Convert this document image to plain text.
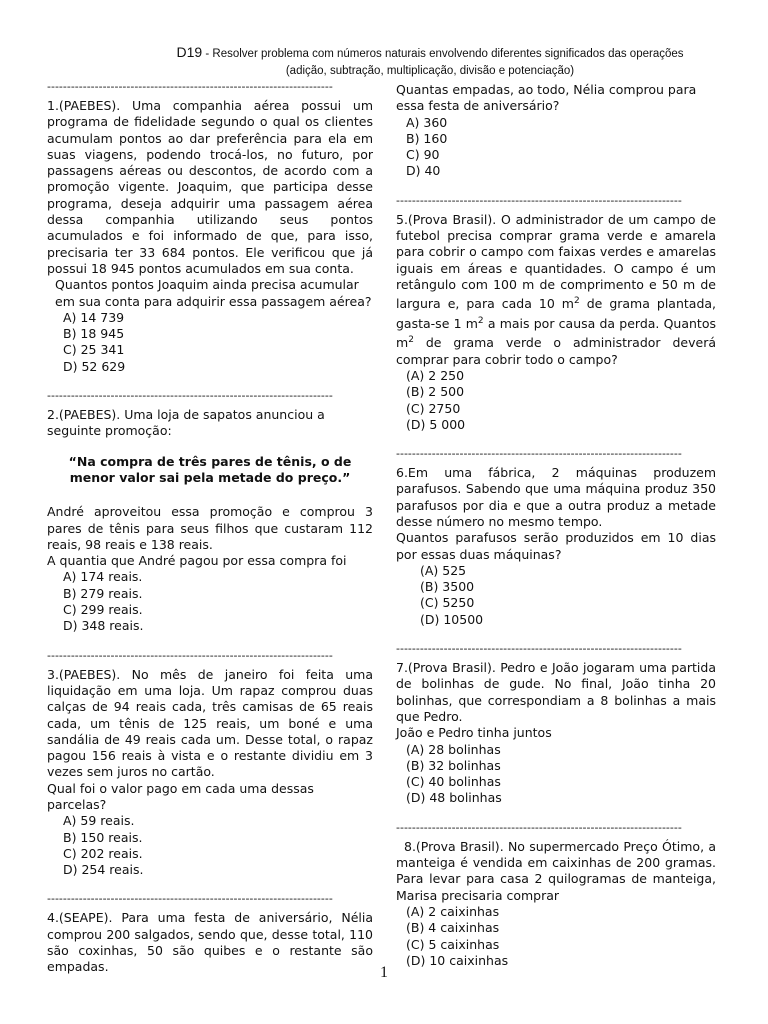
D19 - Resolver problema com números naturais envolvendo diferentes significados das operações
(adição, subtração, multiplicação, divisão e potenciação)
------------------------------------------------------------------------

1.(PAEBES). Uma companhia aérea possui um programa de fidelidade segundo o qual os clientes acumulam pontos ao dar preferência para ela em suas viagens, podendo trocá-los, no futuro, por passagens aéreas ou descontos, de acordo com a promoção vigente. Joaquim, que participa desse programa, deseja adquirir uma passagem aérea dessa companhia utilizando seus pontos acumulados e foi informado de que, para isso, precisaria ter 33 684 pontos. Ele verificou que já possui 18 945 pontos acumulados em sua conta.

Quantos pontos Joaquim ainda precisa acumular em sua conta para adquirir essa passagem aérea?

A) 14 739
B) 18 945
C) 25 341
D) 52 629
------------------------------------------------------------------------

2.(PAEBES). Uma loja de sapatos anunciou a seguinte promoção:

“Na compra de três pares de tênis, o de menor valor sai pela metade do preço.”

André aproveitou essa promoção e comprou 3 pares de tênis para seus filhos que custaram 112 reais, 98 reais e 138 reais.

A quantia que André pagou por essa compra foi

A) 174 reais.
B) 279 reais.
C) 299 reais.
D) 348 reais.
------------------------------------------------------------------------

3.(PAEBES). No mês de janeiro foi feita uma liquidação em uma loja. Um rapaz comprou duas calças de 94 reais cada, três camisas de 65 reais cada, um tênis de 125 reais, um boné e uma sandália de 49 reais cada um. Desse total, o rapaz pagou 156 reais à vista e o restante dividiu em 3 vezes sem juros no cartão.

Qual foi o valor pago em cada uma dessas parcelas?

A) 59 reais.
B) 150 reais.
C) 202 reais.
D) 254 reais.
------------------------------------------------------------------------

4.(SEAPE). Para uma festa de aniversário, Nélia comprou 200 salgados, sendo que, desse total, 110 são coxinhas, 50 são quibes e o restante são empadas.

Quantas empadas, ao todo, Nélia comprou para essa festa de aniversário?

A) 360
B) 160
C) 90
D) 40
------------------------------------------------------------------------

5.(Prova Brasil). O administrador de um campo de futebol precisa comprar grama verde e amarela para cobrir o campo com faixas verdes e amarelas iguais em áreas e quantidades. O campo é um retângulo com 100 m de comprimento e 50 m de largura e, para cada 10 $m^2$ de grama plantada, gasta-se 1 $m^2$ a mais por causa da perda. Quantos $m^2$ de grama verde o administrador deverá comprar para cobrir todo o campo?

(A) 2 250
(B) 2 500
(C) 2750
(D) 5 000
------------------------------------------------------------------------

6.Em uma fábrica, 2 máquinas produzem parafusos. Sabendo que uma máquina produz 350 parafusos por dia e que a outra produz a metade desse número no mesmo tempo.

Quantos parafusos serão produzidos em 10 dias por essas duas máquinas?

(A) 525
(B) 3500
(C) 5250
(D) 10500
------------------------------------------------------------------------

7.(Prova Brasil). Pedro e João jogaram uma partida de bolinhas de gude. No final, João tinha 20 bolinhas, que correspondiam a 8 bolinhas a mais que Pedro.

João e Pedro tinha juntos

(A) 28 bolinhas
(B) 32 bolinhas
(C) 40 bolinhas
(D) 48 bolinhas
------------------------------------------------------------------------

8.(Prova Brasil). No supermercado Preço Ótimo, a manteiga é vendida em caixinhas de 200 gramas. Para levar para casa 2 quilogramas de manteiga, Marisa precisaria comprar

(A) 2 caixinhas
(B) 4 caixinhas
(C) 5 caixinhas
(D) 10 caixinhas
1
